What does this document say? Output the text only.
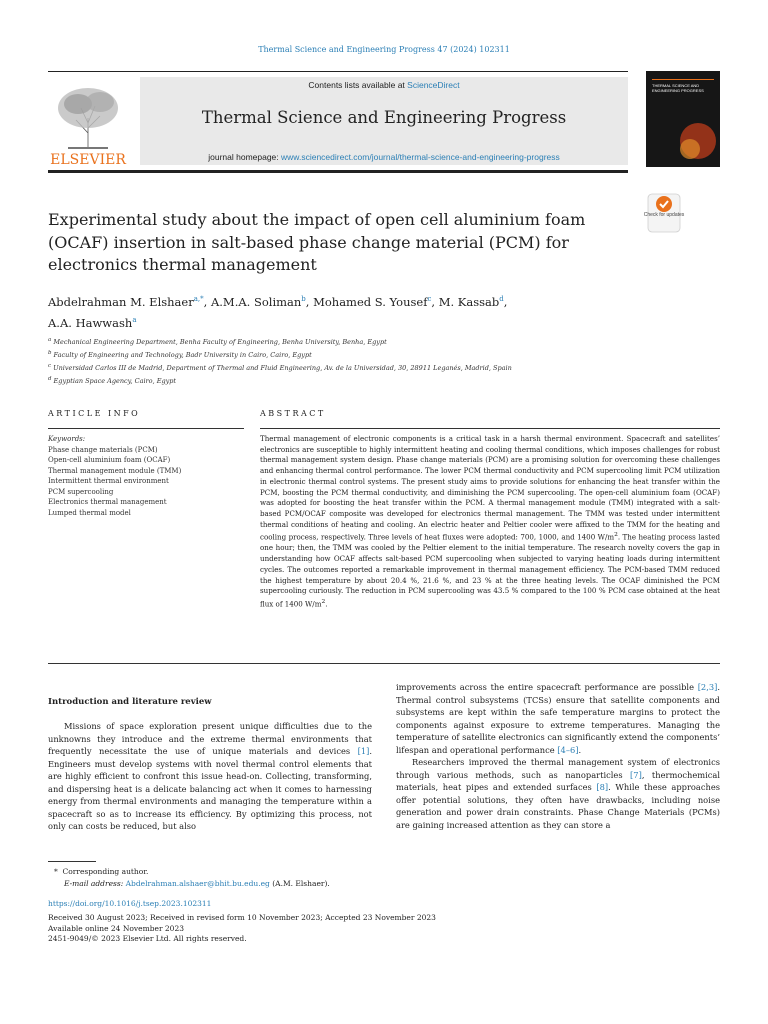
Thermal Science and Engineering Progress 47 (2024) 102311
ELSEVIER
Contents lists available at ScienceDirect
Thermal Science and Engineering Progress
journal homepage: www.sciencedirect.com/journal/thermal-science-and-engineering-progress
THERMAL SCIENCE AND ENGINEERING PROGRESS
Check for updates
Experimental study about the impact of open cell aluminium foam (OCAF) insertion in salt-based phase change material (PCM) for electronics thermal management
Abdelrahman M. Elshaer$^{a,*}$, A.M.A. Soliman$^b$, Mohamed S. Yousef$^c$, M. Kassab$^d$,
A.A. Hawwash$^a$
$^a$ Mechanical Engineering Department, Benha Faculty of Engineering, Benha University, Benha, Egypt
$^b$ Faculty of Engineering and Technology, Badr University in Cairo, Cairo, Egypt
$^c$ Universidad Carlos III de Madrid, Department of Thermal and Fluid Engineering, Av. de la Universidad, 30, 28911 Leganés, Madrid, Spain
$^d$ Egyptian Space Agency, Cairo, Egypt
ARTICLE INFO	ABSTRACT
Keywords:
Phase change materials (PCM)
Open-cell aluminium foam (OCAF)
Thermal management module (TMM)
Intermittent thermal environment
PCM supercooling
Electronics thermal management
Lumped thermal model
Thermal management of electronic components is a critical task in a harsh thermal environment. Spacecraft and satellites’ electronics are susceptible to highly intermittent heating and cooling thermal conditions, which imposes challenges for robust thermal management system design. Phase change materials (PCM) are a promising solution for overcoming these challenges and enhancing thermal control performance. The lower PCM thermal conductivity and PCM supercooling limit PCM utilization in electronic thermal control systems. The present study aims to provide solutions for enhancing the heat transfer within the PCM, boosting the PCM thermal conductivity, and diminishing the PCM supercooling. The open-cell aluminium foam (OCAF) was adopted for boosting the heat transfer within the PCM. A thermal management module (TMM) integrated with a salt-based PCM/OCAF composite was developed for electronics thermal management. The TMM was tested under intermittent thermal conditions of heating and cooling. An electric heater and Peltier cooler were affixed to the TMM for the heating and cooling process, respectively. Three levels of heat fluxes were adopted: 700, 1000, and 1400 $W/m^2$. The heating process lasted one hour; then, the TMM was cooled by the Peltier element to the initial temperature. The research novelty covers the gap in understanding how OCAF affects salt-based PCM supercooling when subjected to varying heating loads during intermittent cycles. The outcomes reported a remarkable improvement in thermal management efficiency. The PCM-based TMM reduced the highest temperature by about 20.4 %, 21.6 %, and 23 % at the three heating levels. The OCAF diminished the PCM supercooling curiously. The reduction in PCM supercooling was 43.5 % compared to the 100 % PCM case obtained at the heat flux of 1400 $W/m^2$.
Introduction and literature review
Missions of space exploration present unique difficulties due to the unknowns they introduce and the extreme thermal environments that frequently necessitate the use of unique materials and devices [1]. Engineers must develop systems with novel thermal control elements that are highly efficient to confront this issue head-on. Collecting, transforming, and dispersing heat is a delicate balancing act when it comes to harnessing energy from thermal environments and managing the temperature within a spacecraft so as to increase its efficiency. By optimizing this process, not only can costs be reduced, but also
improvements across the entire spacecraft performance are possible [2,3]. Thermal control subsystems (TCSs) ensure that satellite components and subsystems are kept within the safe temperature margins to protect the components against exposure to extreme temperatures. Managing the temperature of satellite electronics can significantly extend the components’ lifespan and operational performance [4–6].
Researchers improved the thermal management system of electronics through various methods, such as nanoparticles [7], thermochemical materials, heat pipes and extended surfaces [8]. While these approaches offer potential solutions, they often have drawbacks, including noise generation and power drain constraints. Phase Change Materials (PCMs) are gaining increased attention as they can store a
* Corresponding author.
E-mail address: Abdelrahman.alshaer@bhit.bu.edu.eg (A.M. Elshaer).
https://doi.org/10.1016/j.tsep.2023.102311
Received 30 August 2023; Received in revised form 10 November 2023; Accepted 23 November 2023
Available online 24 November 2023
2451-9049/© 2023 Elsevier Ltd. All rights reserved.
